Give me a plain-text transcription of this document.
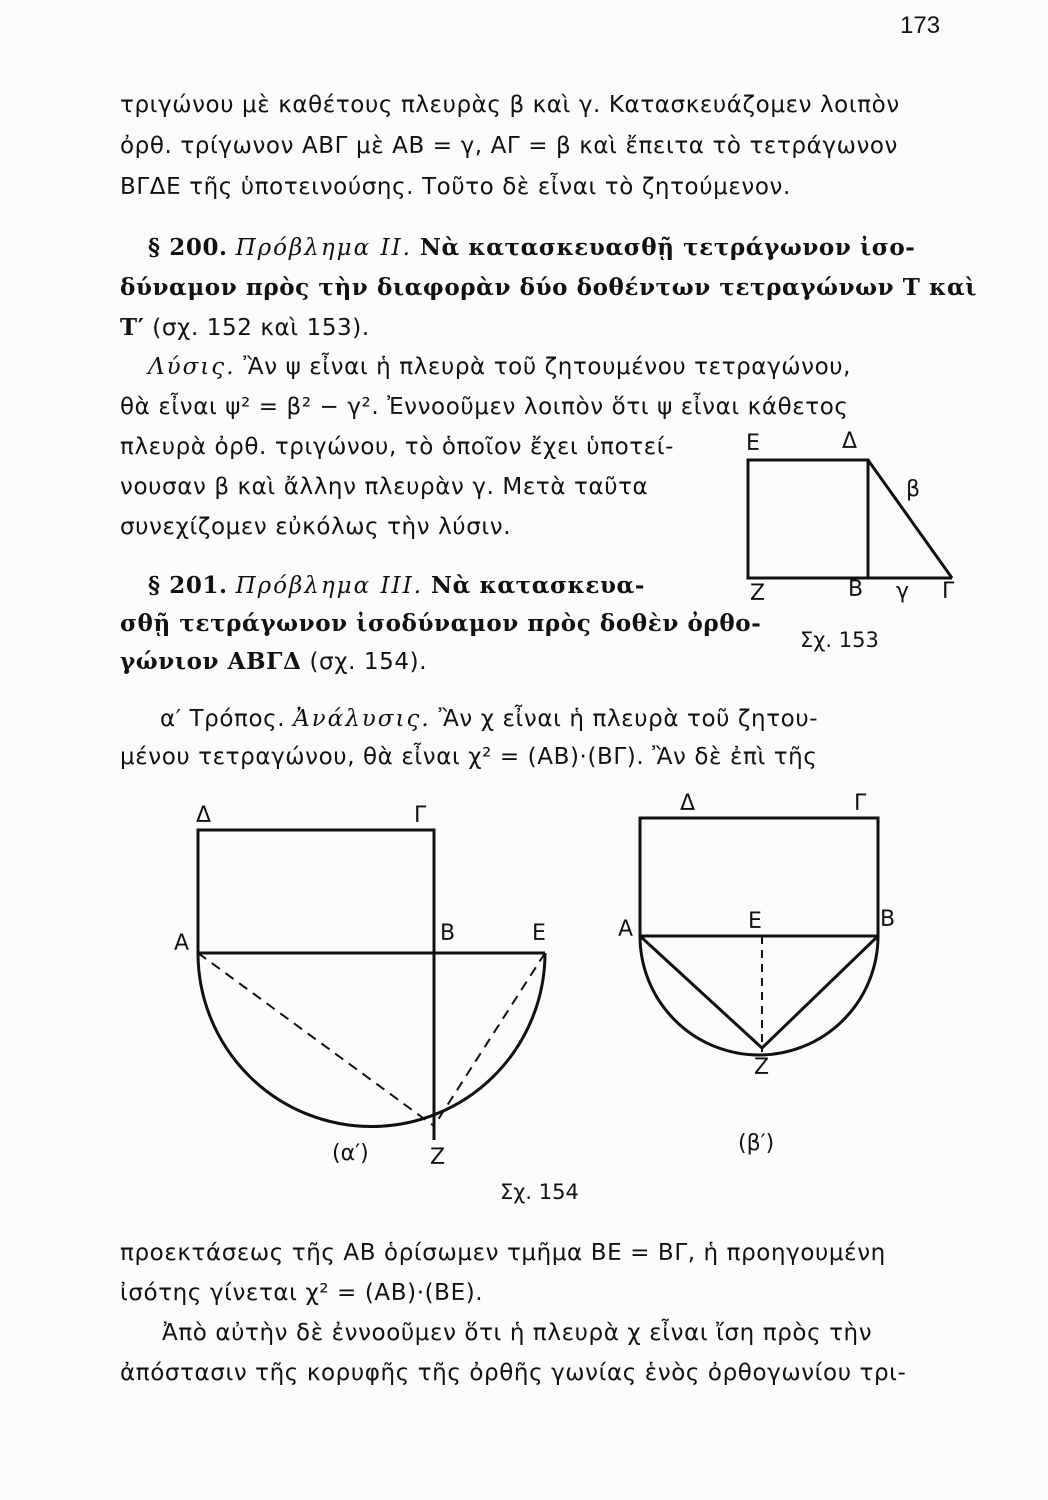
173
τριγώνου μὲ καθέτους πλευρὰς β καὶ γ. Κατασκευάζομεν λοιπὸν
ὀρθ. τρίγωνον ΑΒΓ μὲ ΑΒ = γ, ΑΓ = β καὶ ἔπειτα τὸ τετράγωνον
ΒΓΔΕ τῆς ὑποτεινούσης. Τοῦτο δὲ εἶναι τὸ ζητούμενον.
§ 200. Πρόβλημα II. Νὰ κατασκευασθῇ τετράγωνον ἰσο-
δύναμον πρὸς τὴν διαφορὰν δύο δοθέντων τετραγώνων Τ καὶ
Τ′ (σχ. 152 καὶ 153).
Λύσις. Ἂν ψ εἶναι ἡ πλευρὰ τοῦ ζητουμένου τετραγώνου,
θὰ εἶναι ψ² = β² − γ². Ἐννοοῦμεν λοιπὸν ὅτι ψ εἶναι κάθετος
πλευρὰ ὀρθ. τριγώνου, τὸ ὁποῖον ἔχει ὑποτεί-
νουσαν β καὶ ἄλλην πλευρὰν γ. Μετὰ ταῦτα
συνεχίζομεν εὐκόλως τὴν λύσιν.
§ 201. Πρόβλημα III. Νὰ κατασκευα-
σθῇ τετράγωνον ἰσοδύναμον πρὸς δοθὲν ὀρθο-
γώνιον ΑΒΓΔ (σχ. 154).
α′ Τρόπος. Ἀνάλυσις. Ἂν χ εἶναι ἡ πλευρὰ τοῦ ζητου-
μένου τετραγώνου, θὰ εἶναι χ² = (ΑΒ)·(ΒΓ). Ἂν δὲ ἐπὶ τῆς
Ε	Δ
β
Ζ	Β γ Γ
Σχ. 153
Δ	Γ
Α	Β	Ε
Ζ
(α′)
Δ	Γ
Α	Ε	Β
Ζ
(β′)
Σχ. 154
προεκτάσεως τῆς ΑΒ ὁρίσωμεν τμῆμα ΒΕ = ΒΓ, ἡ προηγουμένη
ἰσότης γίνεται χ² = (ΑΒ)·(ΒΕ).
Ἀπὸ αὐτὴν δὲ ἐννοοῦμεν ὅτι ἡ πλευρὰ χ εἶναι ἴση πρὸς τὴν
ἀπόστασιν τῆς κορυφῆς τῆς ὀρθῆς γωνίας ἑνὸς ὀρθογωνίου τρι-
